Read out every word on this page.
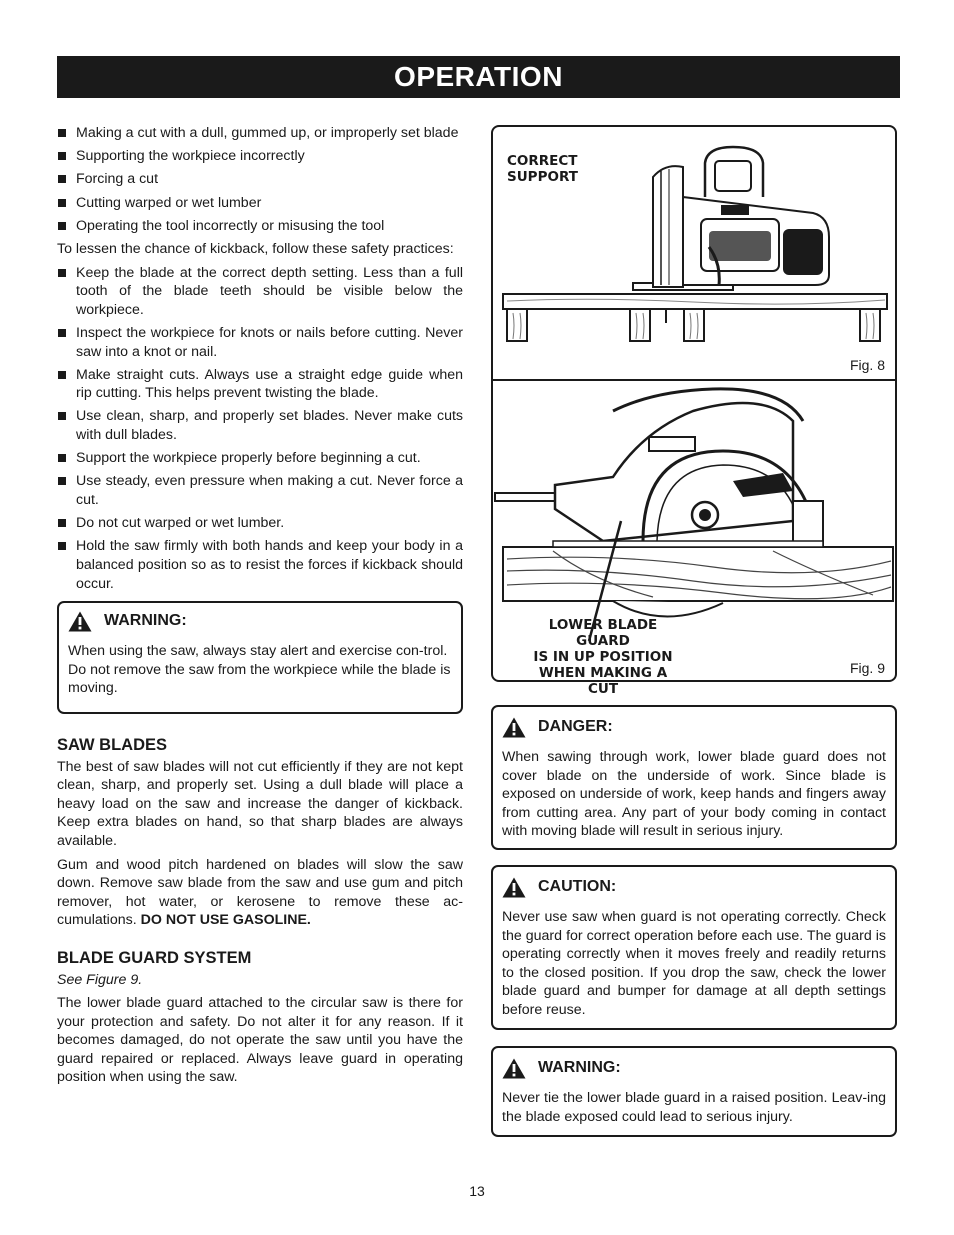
OPERATION
Making a cut with a dull, gummed up, or improperly set blade
Supporting the workpiece incorrectly
Forcing a cut
Cutting warped or wet lumber
Operating the tool incorrectly or misusing the tool

To lessen the chance of kickback, follow these safety practices:

Keep the blade at the correct depth setting. Less than a full tooth of the blade teeth should be visible below the workpiece.
Inspect the workpiece for knots or nails before cutting. Never saw into a knot or nail.
Make straight cuts. Always use a straight edge guide when rip cutting. This helps prevent twisting the blade.
Use clean, sharp, and properly set blades. Never make cuts with dull blades.
Support the workpiece properly before beginning a cut.
Use steady, even pressure when making a cut. Never force a cut.
Do not cut warped or wet lumber.
Hold the saw firmly with both hands and keep your body in a balanced position so as to resist the forces if kickback should occur.
WARNING:

When using the saw, always stay alert and exercise con-trol. Do not remove the saw from the workpiece while the blade is moving.

SAW BLADES

The best of saw blades will not cut efficiently if they are not kept clean, sharp, and properly set. Using a dull blade will place a heavy load on the saw and increase the danger of kickback. Keep extra blades on hand, so that sharp blades are always available.

Gum and wood pitch hardened on blades will slow the saw down. Remove saw blade from the saw and use gum and pitch remover, hot water, or kerosene to remove these ac-cumulations. DO NOT USE GASOLINE.

BLADE GUARD SYSTEM
See Figure 9.

The lower blade guard attached to the circular saw is there for your protection and safety. Do not alter it for any reason. If it becomes damaged, do not operate the saw until you have the guard repaired or replaced. Always leave guard in operating position when using the saw.

CORRECT
SUPPORT
Fig. 8
LOWER BLADE GUARD
IS IN UP POSITION
WHEN MAKING A CUT
Fig. 9
DANGER:

When sawing through work, lower blade guard does not cover blade on the underside of work. Since blade is exposed on underside of work, keep hands and fingers away from cutting area. Any part of your body coming in contact with moving blade will result in serious injury.

CAUTION:

Never use saw when guard is not operating correctly. Check the guard for correct operation before each use. The guard is operating correctly when it moves freely and readily returns to the closed position. If you drop the saw, check the lower blade guard and bumper for damage at all depth settings before reuse.

WARNING:

Never tie the lower blade guard in a raised position. Leav-ing the blade exposed could lead to serious injury.

13
